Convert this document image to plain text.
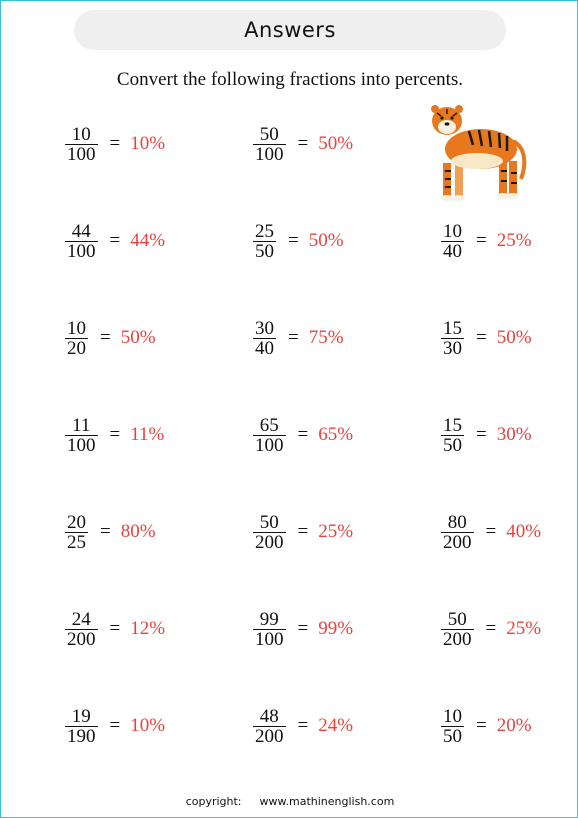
Answers
Convert the following fractions into percents.
$\frac{10}{100} = 10\%$	$\frac{50}{100} = 50\%$
$\frac{44}{100} = 44\%$	$\frac{25}{50} = 50\%$	$\frac{10}{40} = 25\%$
$\frac{10}{20} = 50\%$	$\frac{30}{40} = 75\%$	$\frac{15}{30} = 50\%$
$\frac{11}{100} = 11\%$	$\frac{65}{100} = 65\%$	$\frac{15}{50} = 30\%$
$\frac{20}{25} = 80\%$	$\frac{50}{200} = 25\%$	$\frac{80}{200} = 40\%$
$\frac{24}{200} = 12\%$	$\frac{99}{100} = 99\%$	$\frac{50}{200} = 25\%$
$\frac{19}{190} = 10\%$	$\frac{48}{200} = 24\%$	$\frac{10}{50} = 20\%$
copyright: www.mathinenglish.com
